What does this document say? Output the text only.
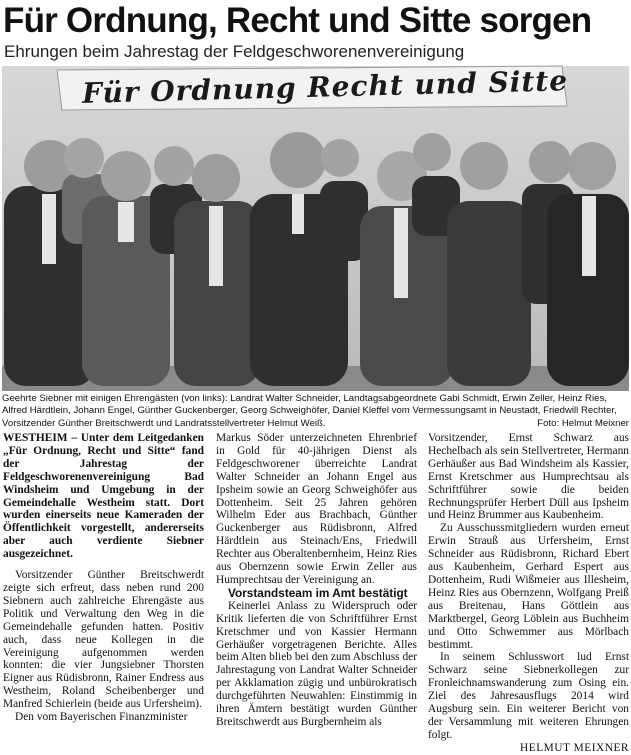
Für Ordnung, Recht und Sitte sorgen
Ehrungen beim Jahrestag der Feldgeschworenenvereinigung
Für Ordnung Recht und Sitte
Geehrte Siebner mit einigen Ehrengästen (von links): Landrat Walter Schneider, Landtagsabgeordnete Gabi Schmidt, Erwin Zeller, Heinz Ries, Alfred Härdtlein, Johann Engel, Günther Guckenberger, Georg Schweighöfer, Daniel Kleffel vom Vermessungsamt in Neustadt, Friedwill Rechter, Vorsitzender Günther Breitschwerdt und Landratsstellvertreter Helmut Weiß.	Foto: Helmut Meixner

WESTHEIM – Unter dem Leitgedanken „Für Ordnung, Recht und Sitte“ fand der Jahrestag der Feldgeschworenenvereinigung Bad Windsheim und Umgebung in der Gemeindehalle Westheim statt. Dort wurden einerseits neue Kameraden der Öffentlichkeit vorgestellt, andererseits aber auch verdiente Siebner ausgezeichnet.

Vorsitzender Günther Breitschwerdt zeigte sich erfreut, dass neben rund 200 Siebnern auch zahlreiche Ehrengäste aus Politik und Verwaltung den Weg in die Gemeindehalle gefunden hatten. Positiv auch, dass neue Kollegen in die Vereinigung aufgenommen werden konnten: die vier Jungsiebner Thorsten Eigner aus Rüdisbronn, Rainer Endress aus Westheim, Roland Scheibenberger und Manfred Schierlein (beide aus Urfersheim).

Den vom Bayerischen Finanzminister

Markus Söder unterzeichneten Ehrenbrief in Gold für 40-jährigen Dienst als Feldgeschworener überreichte Landrat Walter Schneider an Johann Engel aus Ipsheim sowie an Georg Schweighöfer aus Dottenheim. Seit 25 Jahren gehören Wilhelm Eder aus Brachbach, Günther Guckenberger aus Rüdisbronn, Alfred Härdtlein aus Steinach/Ens, Friedwill Rechter aus Oberaltenbernheim, Heinz Ries aus Obernzenn sowie Erwin Zeller aus Humprechtsau der Vereinigung an.

Vorstandsteam im Amt bestätigt

Keinerlei Anlass zu Widerspruch oder Kritik lieferten die von Schriftführer Ernst Kretschmer und von Kassier Hermann Gerhäußer vorgetragenen Berichte. Alles beim Alten blieb bei den zum Abschluss der Jahrestagung von Landrat Walter Schneider per Akklamation zügig und unbürokratisch durchgeführten Neuwahlen: Einstimmig in ihren Ämtern bestätigt wurden Günther Breitschwerdt aus Burgbernheim als

Vorsitzender, Ernst Schwarz aus Hechelbach als sein Stellvertreter, Hermann Gerhäußer aus Bad Windsheim als Kassier, Ernst Kretschmer aus Humprechtsau als Schriftführer sowie die beiden Rechnungsprüfer Herbert Düll aus Ipsheim und Heinz Brummer aus Kaubenheim.

Zu Ausschussmitgliedern wurden erneut Erwin Strauß aus Urfersheim, Ernst Schneider aus Rüdisbronn, Richard Ebert aus Kaubenheim, Gerhard Espert aus Dottenheim, Rudi Wißmeier aus Illesheim, Heinz Ries aus Obernzenn, Wolfgang Preiß aus Breitenau, Hans Göttlein aus Marktbergel, Georg Löblein aus Buchheim und Otto Schwemmer aus Mörlbach bestimmt.

In seinem Schlusswort lud Ernst Schwarz seine Siebnerkollegen zur Fronleichnamswanderung zum Osing ein. Ziel des Jahresausflugs 2014 wird Augsburg sein. Ein weiterer Bericht von der Versammlung mit weiteren Ehrungen folgt.

HELMUT MEIXNER
